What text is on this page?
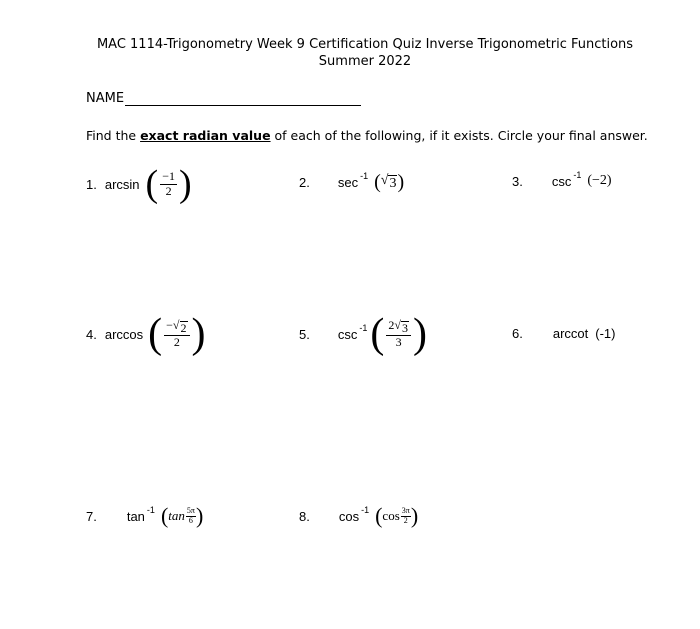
MAC 1114-Trigonometry Week 9 Certification Quiz Inverse Trigonometric Functions
Summer 2022
NAME
Find the exact radian value of each of the following, if it exists. Circle your final answer.
1. arcsin ( $\frac{-1}{2}$ )	2. sec -1 ( √ 3 )	3. csc -1 (−2)
4. arccos ( $\frac{- √ 2}{2}$ )	5. csc -1 ( $\frac{2 √ 3}{3}$ )	6. arccot (-1)
7. tan -1 ( $\tan \frac{5\pi}{6}$ )	8. cos -1 ( $\cos \frac{3\pi}{2}$ )
